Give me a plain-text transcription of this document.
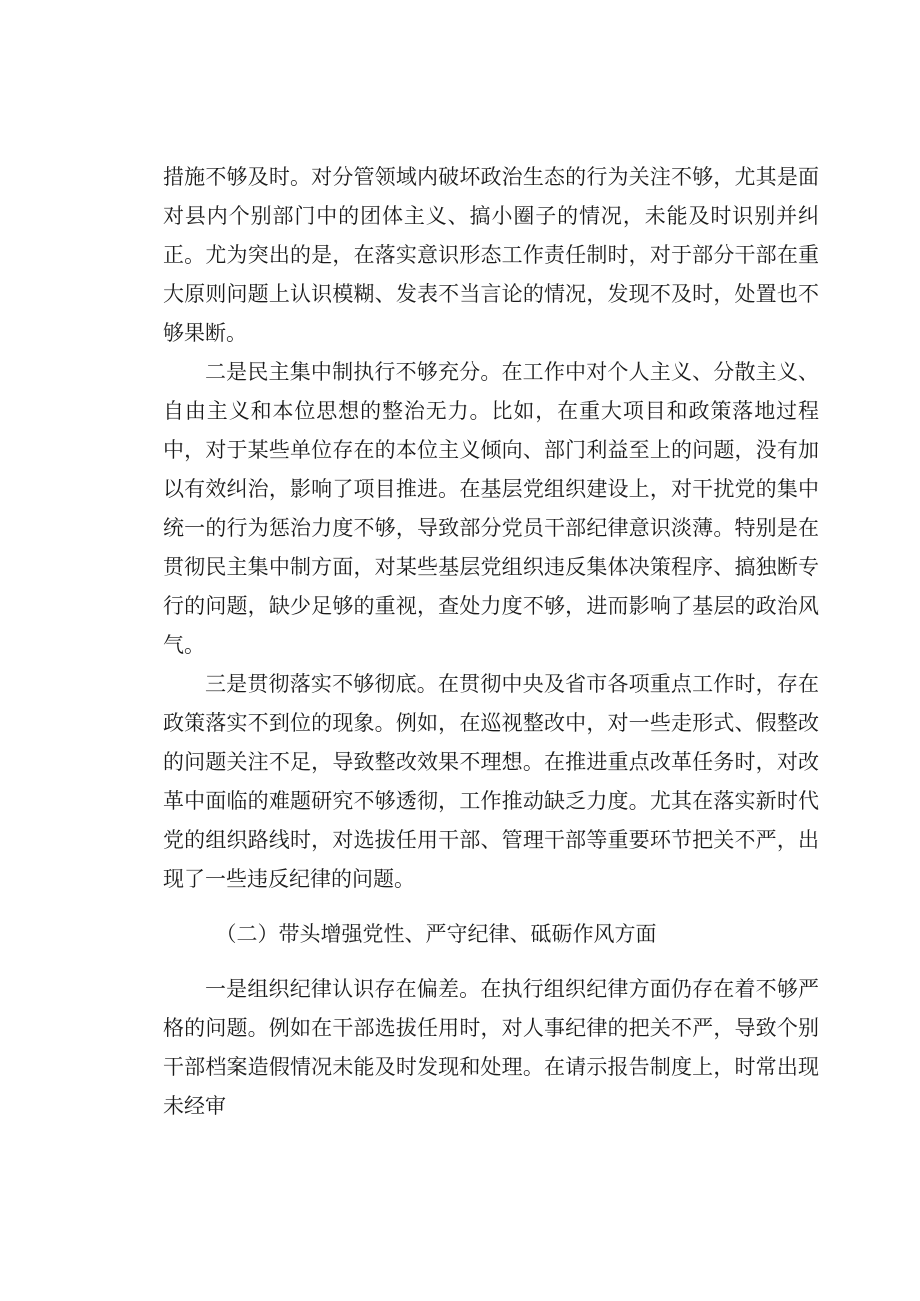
措施不够及时。对分管领域内破坏政治生态的行为关注不够，尤其是面对县内个别部门中的团体主义、搞小圈子的情况，未能及时识别并纠正。尤为突出的是，在落实意识形态工作责任制时，对于部分干部在重大原则问题上认识模糊、发表不当言论的情况，发现不及时，处置也不够果断。

二是民主集中制执行不够充分。在工作中对个人主义、分散主义、自由主义和本位思想的整治无力。比如，在重大项目和政策落地过程中，对于某些单位存在的本位主义倾向、部门利益至上的问题，没有加以有效纠治，影响了项目推进。在基层党组织建设上，对干扰党的集中统一的行为惩治力度不够，导致部分党员干部纪律意识淡薄。特别是在贯彻民主集中制方面，对某些基层党组织违反集体决策程序、搞独断专行的问题，缺少足够的重视，查处力度不够，进而影响了基层的政治风气。

三是贯彻落实不够彻底。在贯彻中央及省市各项重点工作时，存在政策落实不到位的现象。例如，在巡视整改中，对一些走形式、假整改的问题关注不足，导致整改效果不理想。在推进重点改革任务时，对改革中面临的难题研究不够透彻，工作推动缺乏力度。尤其在落实新时代党的组织路线时，对选拔任用干部、管理干部等重要环节把关不严，出现了一些违反纪律的问题。

（二）带头增强党性、严守纪律、砥砺作风方面

一是组织纪律认识存在偏差。在执行组织纪律方面仍存在着不够严格的问题。例如在干部选拔任用时，对人事纪律的把关不严，导致个别干部档案造假情况未能及时发现和处理。在请示报告制度上，时常出现未经审
